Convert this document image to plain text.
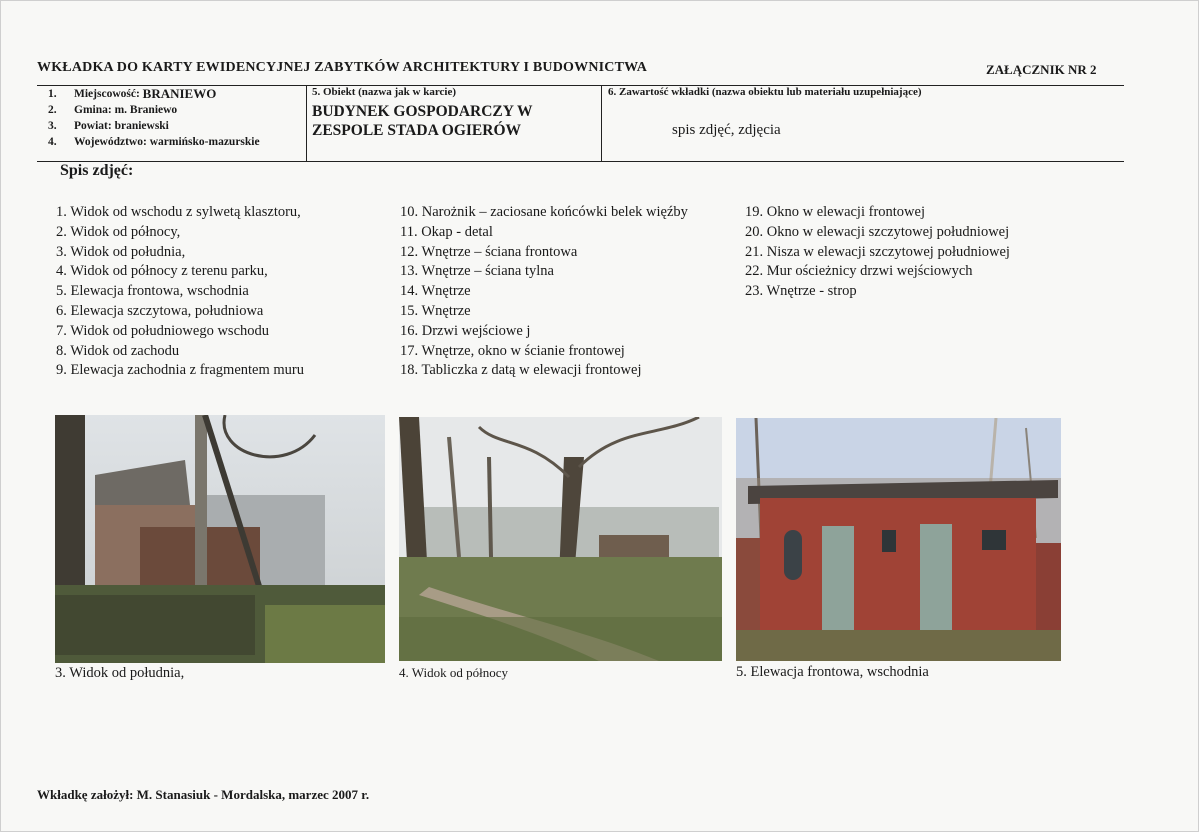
WKŁADKA DO KARTY EWIDENCYJNEJ ZABYTKÓW ARCHITEKTURY I BUDOWNICTWA	ZAŁĄCZNIK NR 2
1.	Miejscowość:
BRANIEWO
2.	Gmina:
m. Braniewo
3.	Powiat:
braniewski
4.	Województwo:
warmińsko-mazurskie
5. Obiekt (nazwa jak w karcie)
BUDYNEK GOSPODARCZY W
ZESPOLE STADA OGIERÓW
6. Zawartość wkładki (nazwa obiektu lub materiału uzupełniające)
spis zdjęć, zdjęcia
Spis zdjęć:
1. Widok od wschodu z sylwetą klasztoru,
2. Widok od północy,
3. Widok od południa,
4. Widok od północy z terenu parku,
5. Elewacja frontowa, wschodnia
6. Elewacja szczytowa, południowa
7. Widok od południowego wschodu
8. Widok od zachodu
9. Elewacja zachodnia z fragmentem muru
10. Narożnik – zaciosane końcówki belek więźby
11. Okap - detal
12. Wnętrze – ściana frontowa
13. Wnętrze – ściana tylna
14. Wnętrze
15. Wnętrze
16. Drzwi wejściowe j
17. Wnętrze, okno w ścianie frontowej
18. Tabliczka z datą w elewacji frontowej
19. Okno w elewacji frontowej
20. Okno w elewacji szczytowej południowej
21. Nisza w elewacji szczytowej południowej
22. Mur ościeżnicy drzwi wejściowych
23. Wnętrze - strop
3. Widok od południa,	4. Widok od północy	5. Elewacja frontowa, wschodnia
Wkładkę założył: M. Stanasiuk - Mordalska, marzec 2007 r.
